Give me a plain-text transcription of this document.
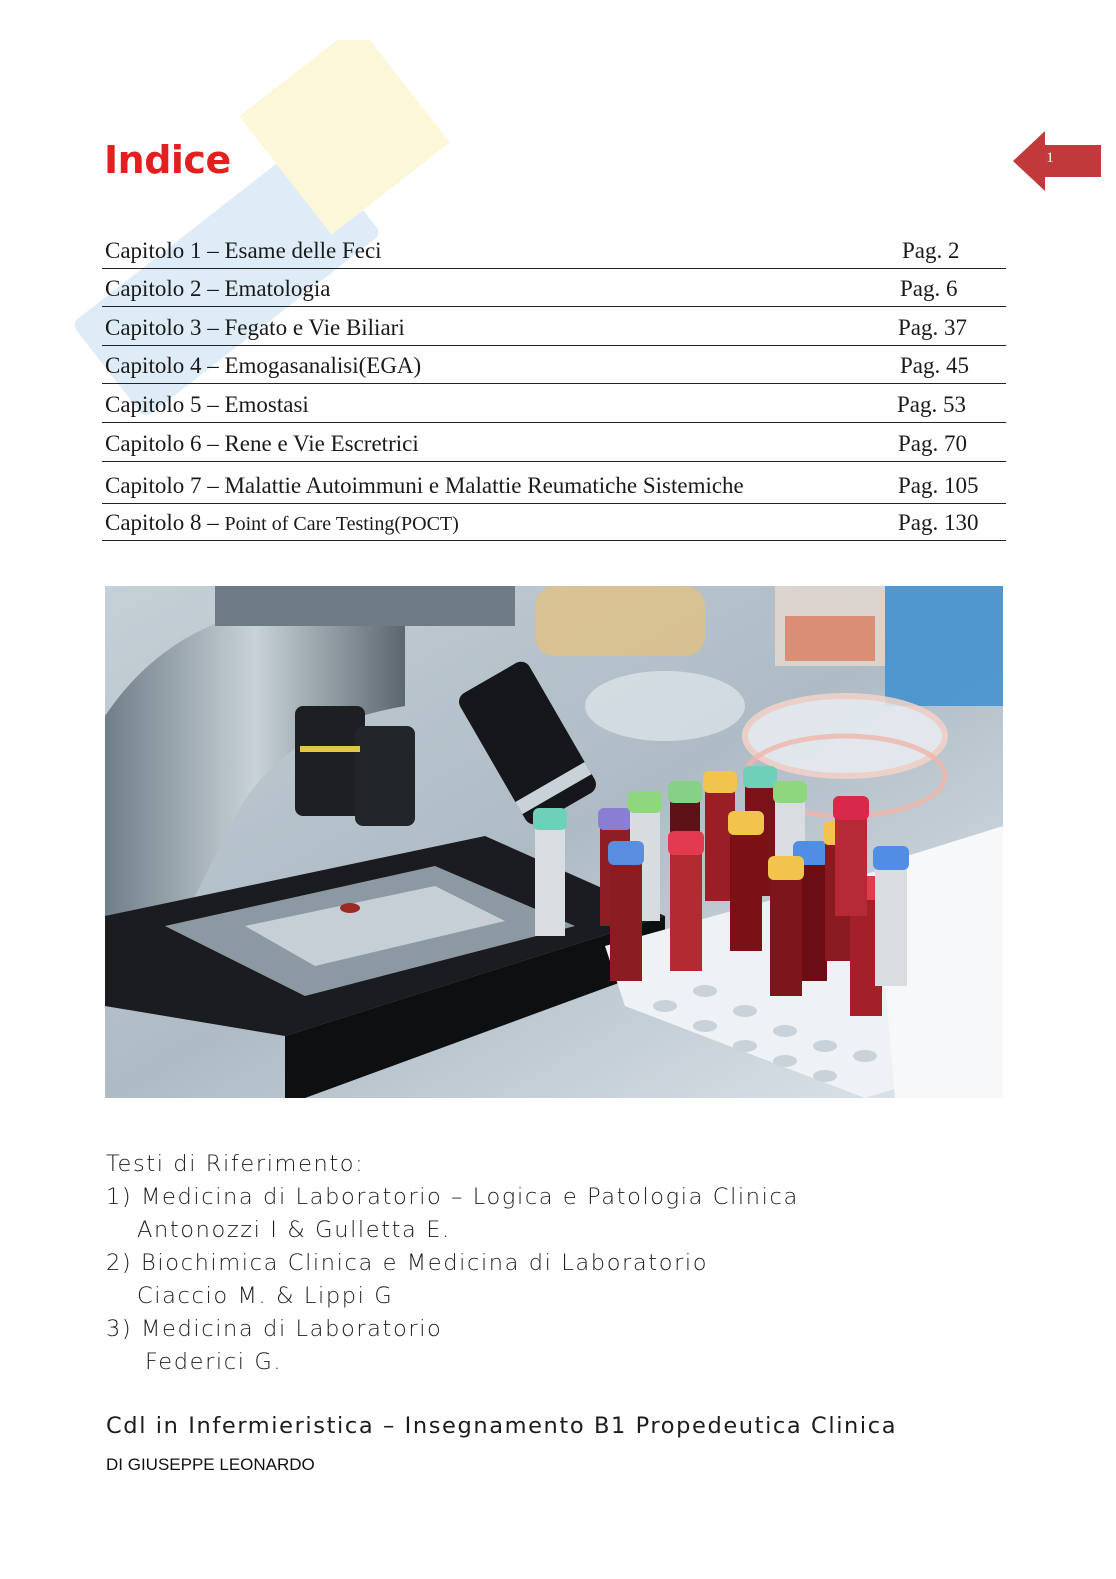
Indice	1
Capitolo 1 – Esame delle Feci	Pag. 2
Capitolo 2 – Ematologia	Pag. 6
Capitolo 3 – Fegato e Vie Biliari	Pag. 37
Capitolo 4 – Emogasanalisi(EGA)	Pag. 45
Capitolo 5 – Emostasi	Pag. 53
Capitolo 6 – Rene e Vie Escretrici	Pag. 70
Capitolo 7 – Malattie Autoimmuni e Malattie Reumatiche Sistemiche	Pag. 105
Capitolo 8 – Point of Care Testing(POCT)	Pag. 130
Testi di Riferimento:
1) Medicina di Laboratorio – Logica e Patologia Clinica
Antonozzi I & Gulletta E.
2) Biochimica Clinica e Medicina di Laboratorio
Ciaccio M. & Lippi G
3) Medicina di Laboratorio
Federici G.
Cdl in Infermieristica – Insegnamento B1 Propedeutica Clinica
DI GIUSEPPE LEONARDO
